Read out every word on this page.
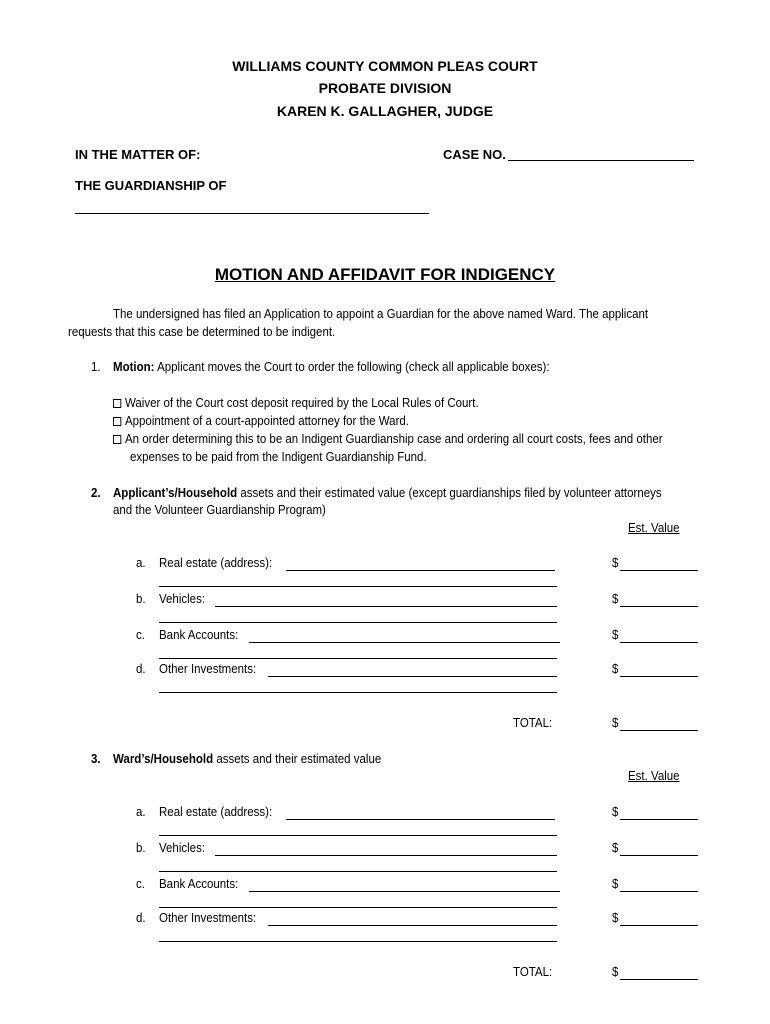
WILLIAMS COUNTY COMMON PLEAS COURT
PROBATE DIVISION
KAREN K. GALLAGHER, JUDGE
IN THE MATTER OF:	CASE NO.
THE GUARDIANSHIP OF
MOTION AND AFFIDAVIT FOR INDIGENCY
The undersigned has filed an Application to appoint a Guardian for the above named Ward. The applicant
requests that this case be determined to be indigent.
1. Motion: Applicant moves the Court to order the following (check all applicable boxes):
Waiver of the Court cost deposit required by the Local Rules of Court.
Appointment of a court-appointed attorney for the Ward.
An order determining this to be an Indigent Guardianship case and ordering all court costs, fees and other
expenses to be paid from the Indigent Guardianship Fund.
2. Applicant’s/Household assets and their estimated value (except guardianships filed by volunteer attorneys
and the Volunteer Guardianship Program)
Est. Value
a. Real estate (address):	$
b. Vehicles:	$
c. Bank Accounts:	$
d. Other Investments:	$
TOTAL:	$
3. Ward’s/Household assets and their estimated value
Est. Value
a. Real estate (address):	$
b. Vehicles:	$
c. Bank Accounts:	$
d. Other Investments:	$
TOTAL:	$
